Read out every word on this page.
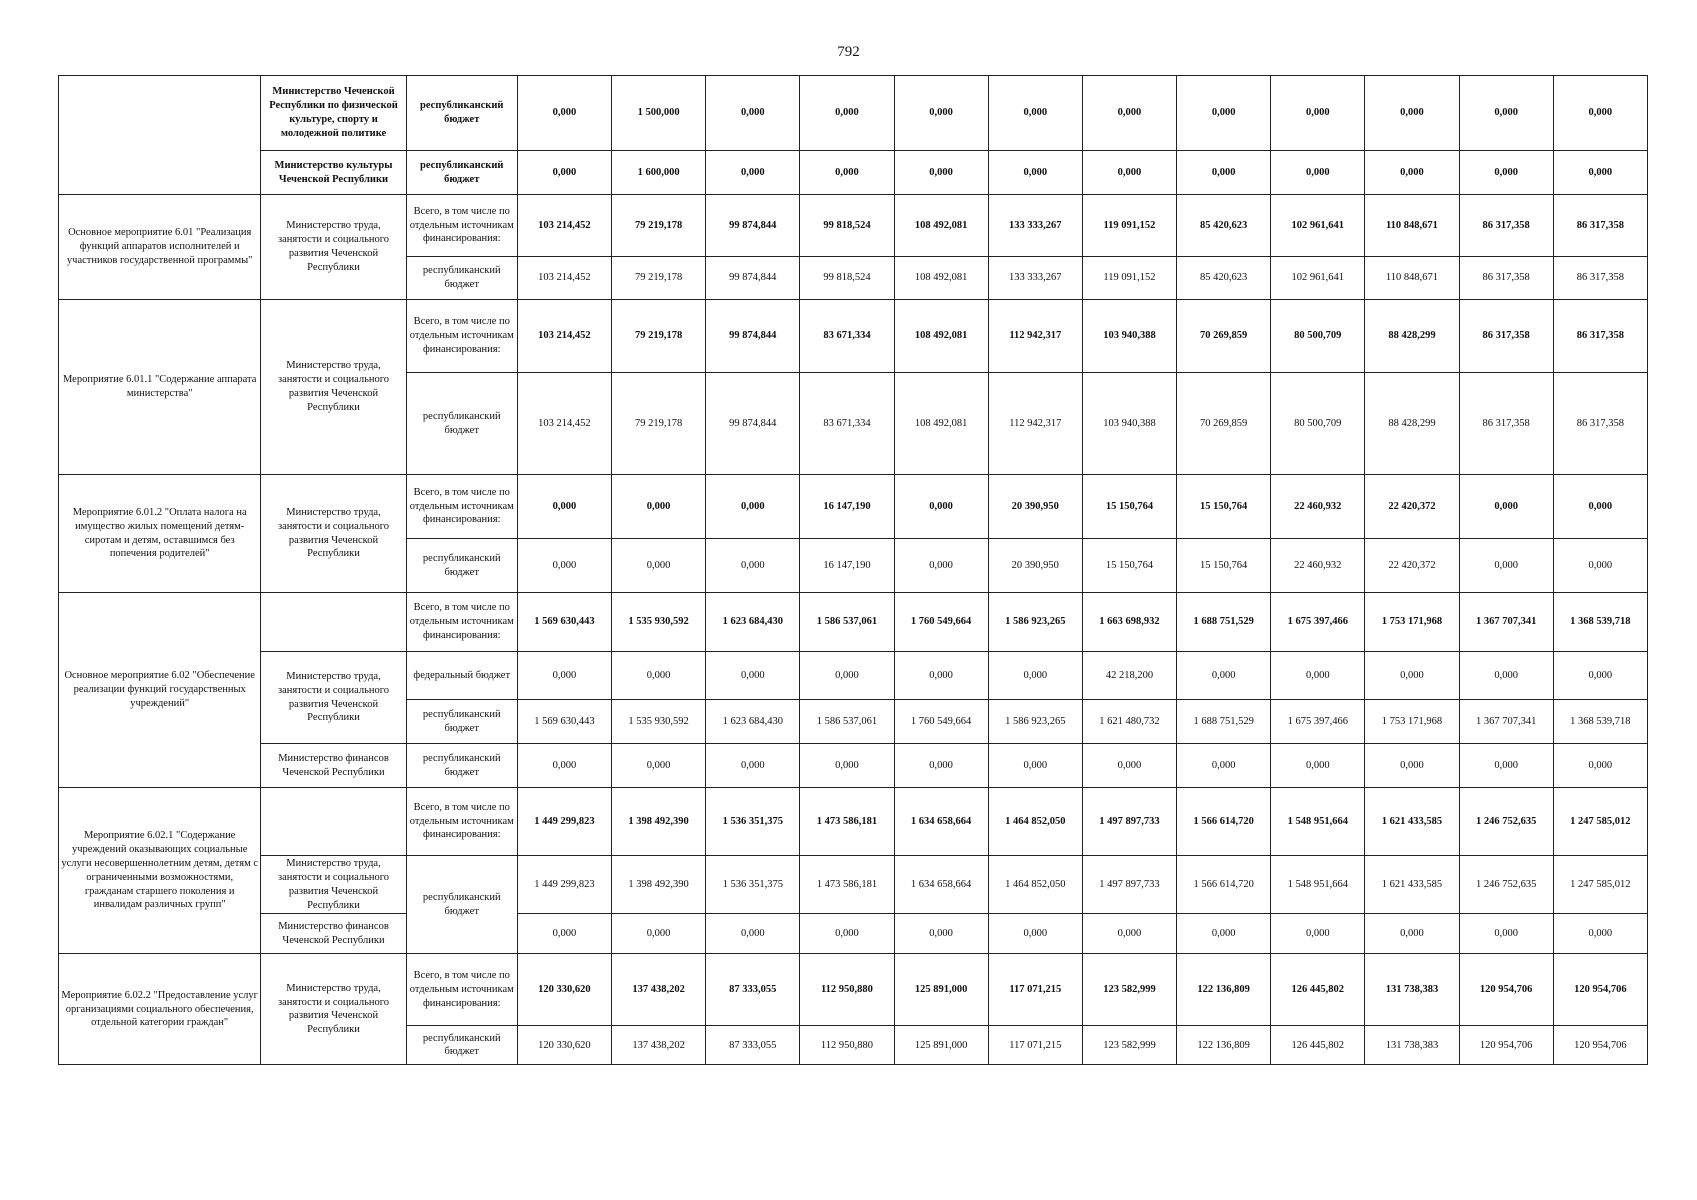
792
	Министерство Чеченской Республики по физической культуре, спорту и молодежной политике	республиканский бюджет	0,000	1 500,000	0,000	0,000	0,000	0,000	0,000	0,000	0,000	0,000	0,000	0,000
	Министерство культуры Чеченской Республики	республиканский бюджет	0,000	1 600,000	0,000	0,000	0,000	0,000	0,000	0,000	0,000	0,000	0,000	0,000
Основное мероприятие 6.01 "Реализация функций аппаратов исполнителей и участников государственной программы"	Министерство труда, занятости и социального развития Чеченской Республики	Всего, в том числе по отдельным источникам финансирования:	103 214,452	79 219,178	99 874,844	99 818,524	108 492,081	133 333,267	119 091,152	85 420,623	102 961,641	110 848,671	86 317,358	86 317,358
		республиканский бюджет	103 214,452	79 219,178	99 874,844	99 818,524	108 492,081	133 333,267	119 091,152	85 420,623	102 961,641	110 848,671	86 317,358	86 317,358
Мероприятие 6.01.1 "Содержание аппарата министерства"	Министерство труда, занятости и социального развития Чеченской Республики	Всего, в том числе по отдельным источникам финансирования:	103 214,452	79 219,178	99 874,844	83 671,334	108 492,081	112 942,317	103 940,388	70 269,859	80 500,709	88 428,299	86 317,358	86 317,358
		республиканский бюджет	103 214,452	79 219,178	99 874,844	83 671,334	108 492,081	112 942,317	103 940,388	70 269,859	80 500,709	88 428,299	86 317,358	86 317,358
Мероприятие 6.01.2 "Оплата налога на имущество жилых помещений детям-сиротам и детям, оставшимся без попечения родителей"	Министерство труда, занятости и социального развития Чеченской Республики	Всего, в том числе по отдельным источникам финансирования:	0,000	0,000	0,000	16 147,190	0,000	20 390,950	15 150,764	15 150,764	22 460,932	22 420,372	0,000	0,000
		республиканский бюджет	0,000	0,000	0,000	16 147,190	0,000	20 390,950	15 150,764	15 150,764	22 460,932	22 420,372	0,000	0,000
Основное мероприятие 6.02 "Обеспечение реализации функций государственных учреждений"		Всего, в том числе по отдельным источникам финансирования:	1 569 630,443	1 535 930,592	1 623 684,430	1 586 537,061	1 760 549,664	1 586 923,265	1 663 698,932	1 688 751,529	1 675 397,466	1 753 171,968	1 367 707,341	1 368 539,718
	Министерство труда, занятости и социального развития Чеченской Республики	федеральный бюджет	0,000	0,000	0,000	0,000	0,000	0,000	42 218,200	0,000	0,000	0,000	0,000	0,000
		республиканский бюджет	1 569 630,443	1 535 930,592	1 623 684,430	1 586 537,061	1 760 549,664	1 586 923,265	1 621 480,732	1 688 751,529	1 675 397,466	1 753 171,968	1 367 707,341	1 368 539,718
	Министерство финансов Чеченской Республики	республиканский бюджет	0,000	0,000	0,000	0,000	0,000	0,000	0,000	0,000	0,000	0,000	0,000	0,000
Мероприятие 6.02.1 "Содержание учреждений оказывающих социальные услуги несовершеннолетним детям, детям с ограниченными возможностями, гражданам старшего поколения и инвалидам различных групп"		Всего, в том числе по отдельным источникам финансирования:	1 449 299,823	1 398 492,390	1 536 351,375	1 473 586,181	1 634 658,664	1 464 852,050	1 497 897,733	1 566 614,720	1 548 951,664	1 621 433,585	1 246 752,635	1 247 585,012
	Министерство труда, занятости и социального развития Чеченской Республики	республиканский бюджет	1 449 299,823	1 398 492,390	1 536 351,375	1 473 586,181	1 634 658,664	1 464 852,050	1 497 897,733	1 566 614,720	1 548 951,664	1 621 433,585	1 246 752,635	1 247 585,012
	Министерство финансов Чеченской Республики		0,000	0,000	0,000	0,000	0,000	0,000	0,000	0,000	0,000	0,000	0,000	0,000
Мероприятие 6.02.2 "Предоставление услуг организациями социального обеспечения, отдельной категории граждан"	Министерство труда, занятости и социального развития Чеченской Республики	Всего, в том числе по отдельным источникам финансирования:	120 330,620	137 438,202	87 333,055	112 950,880	125 891,000	117 071,215	123 582,999	122 136,809	126 445,802	131 738,383	120 954,706	120 954,706
		республиканский бюджет	120 330,620	137 438,202	87 333,055	112 950,880	125 891,000	117 071,215	123 582,999	122 136,809	126 445,802	131 738,383	120 954,706	120 954,706
